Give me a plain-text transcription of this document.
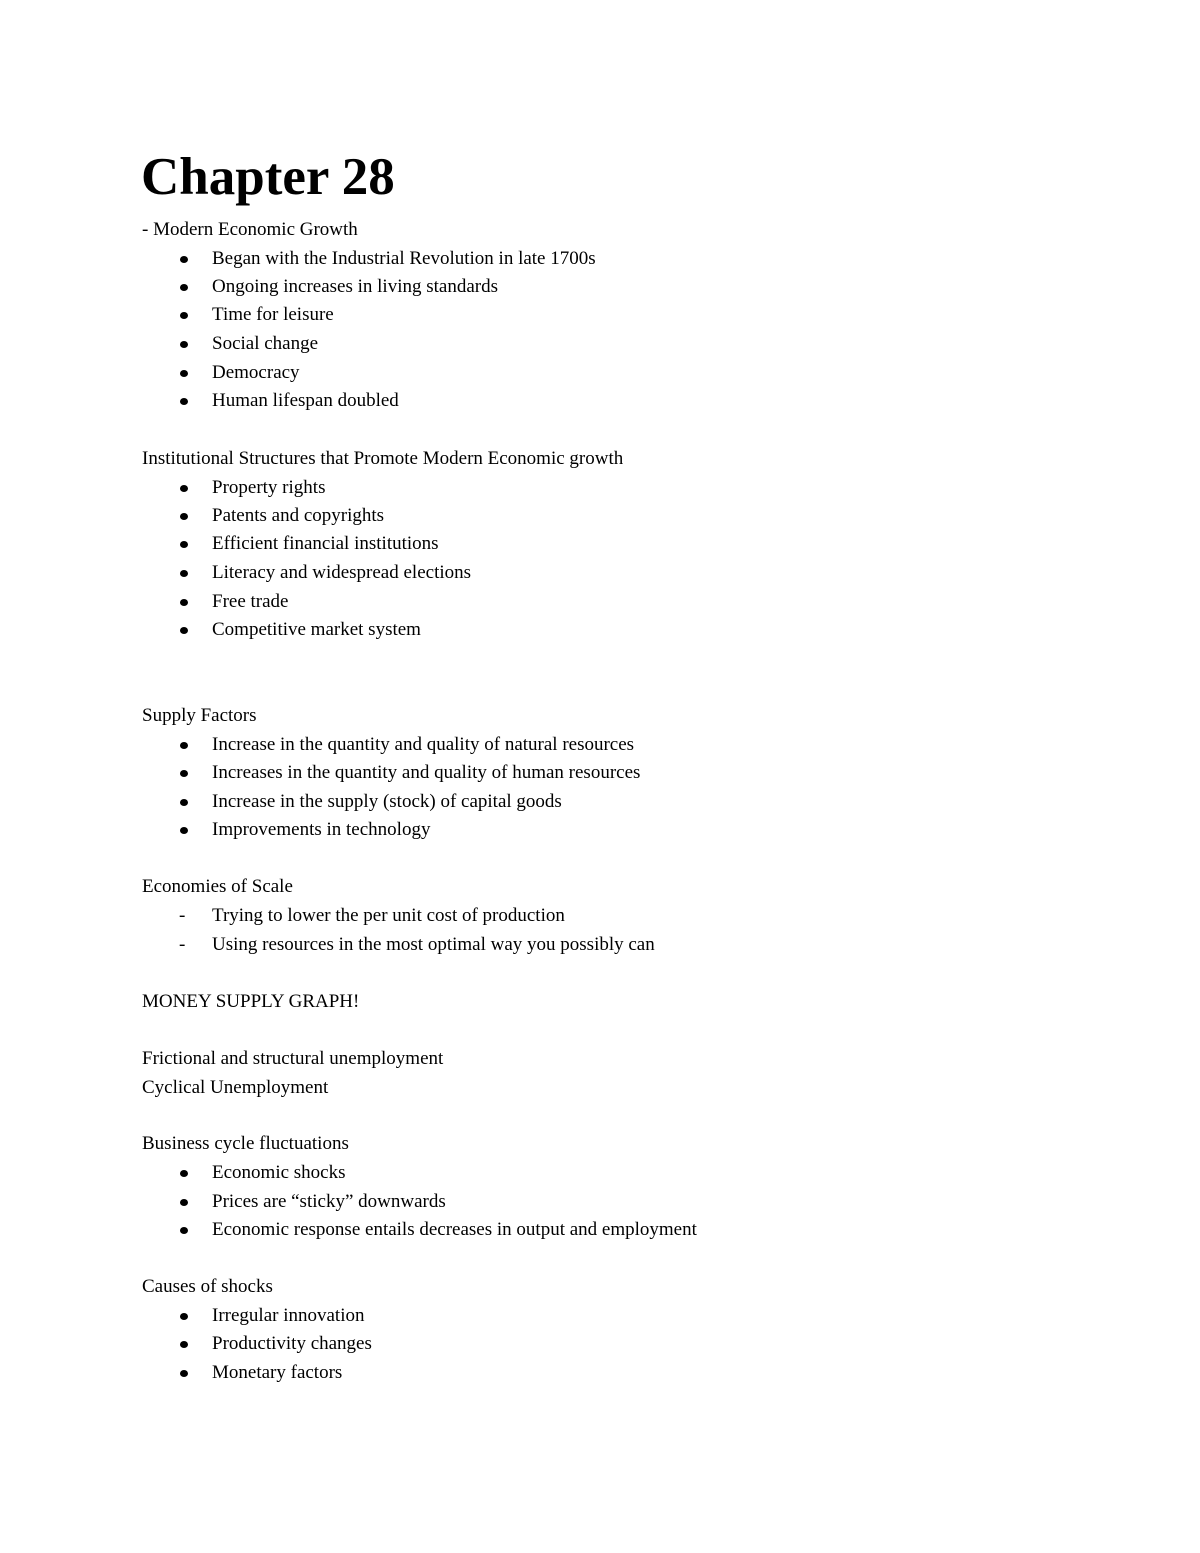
Chapter 28
- Modern Economic Growth
Began with the Industrial Revolution in late 1700s
Ongoing increases in living standards
Time for leisure
Social change
Democracy
Human lifespan doubled
Institutional Structures that Promote Modern Economic growth
Property rights
Patents and copyrights
Efficient financial institutions
Literacy and widespread elections
Free trade
Competitive market system
Supply Factors
Increase in the quantity and quality of natural resources
Increases in the quantity and quality of human resources
Increase in the supply (stock) of capital goods
Improvements in technology
Economies of Scale
-
Trying to lower the per unit cost of production
-
Using resources in the most optimal way you possibly can
MONEY SUPPLY GRAPH!
Frictional and structural unemployment
Cyclical Unemployment
Business cycle fluctuations
Economic shocks
Prices are “sticky” downwards
Economic response entails decreases in output and employment
Causes of shocks
Irregular innovation
Productivity changes
Monetary factors
